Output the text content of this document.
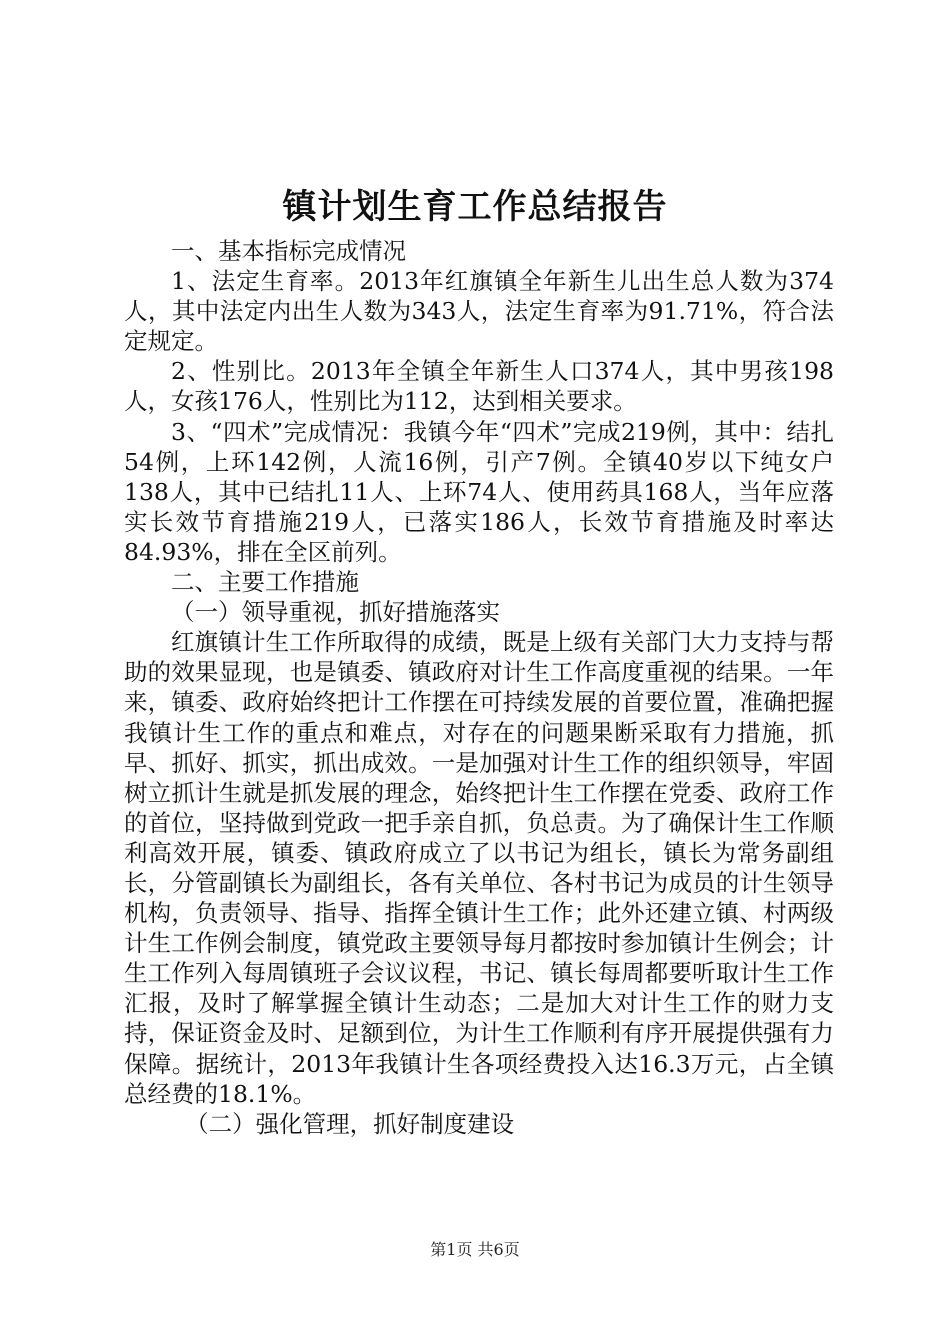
镇计划生育工作总结报告

一、基本指标完成情况

1、法定生育率。2013年红旗镇全年新生儿出生总人数为374人，其中法定内出生人数为343人，法定生育率为91.71%，符合法定规定。

2、性别比。2013年全镇全年新生人口374人，其中男孩198人，女孩176人，性别比为112，达到相关要求。

3、“四术”完成情况：我镇今年“四术”完成219例，其中：结扎54例，上环142例，人流16例，引产7例。全镇40岁以下纯女户138人，其中已结扎11人、上环74人、使用药具168人，当年应落实长效节育措施219人，已落实186人，长效节育措施及时率达84.93%，排在全区前列。

二、主要工作措施

（一）领导重视，抓好措施落实

红旗镇计生工作所取得的成绩，既是上级有关部门大力支持与帮助的效果显现，也是镇委、镇政府对计生工作高度重视的结果。一年来，镇委、政府始终把计工作摆在可持续发展的首要位置，准确把握我镇计生工作的重点和难点，对存在的问题果断采取有力措施，抓早、抓好、抓实，抓出成效。一是加强对计生工作的组织领导，牢固树立抓计生就是抓发展的理念，始终把计生工作摆在党委、政府工作的首位，坚持做到党政一把手亲自抓，负总责。为了确保计生工作顺利高效开展，镇委、镇政府成立了以书记为组长，镇长为常务副组长，分管副镇长为副组长，各有关单位、各村书记为成员的计生领导机构，负责领导、指导、指挥全镇计生工作；此外还建立镇、村两级计生工作例会制度，镇党政主要领导每月都按时参加镇计生例会；计生工作列入每周镇班子会议议程，书记、镇长每周都要听取计生工作汇报，及时了解掌握全镇计生动态；二是加大对计生工作的财力支持，保证资金及时、足额到位，为计生工作顺利有序开展提供强有力保障。据统计，2013年我镇计生各项经费投入达16.3万元，占全镇总经费的18.1%。

（二）强化管理，抓好制度建设

第1页 共6页
